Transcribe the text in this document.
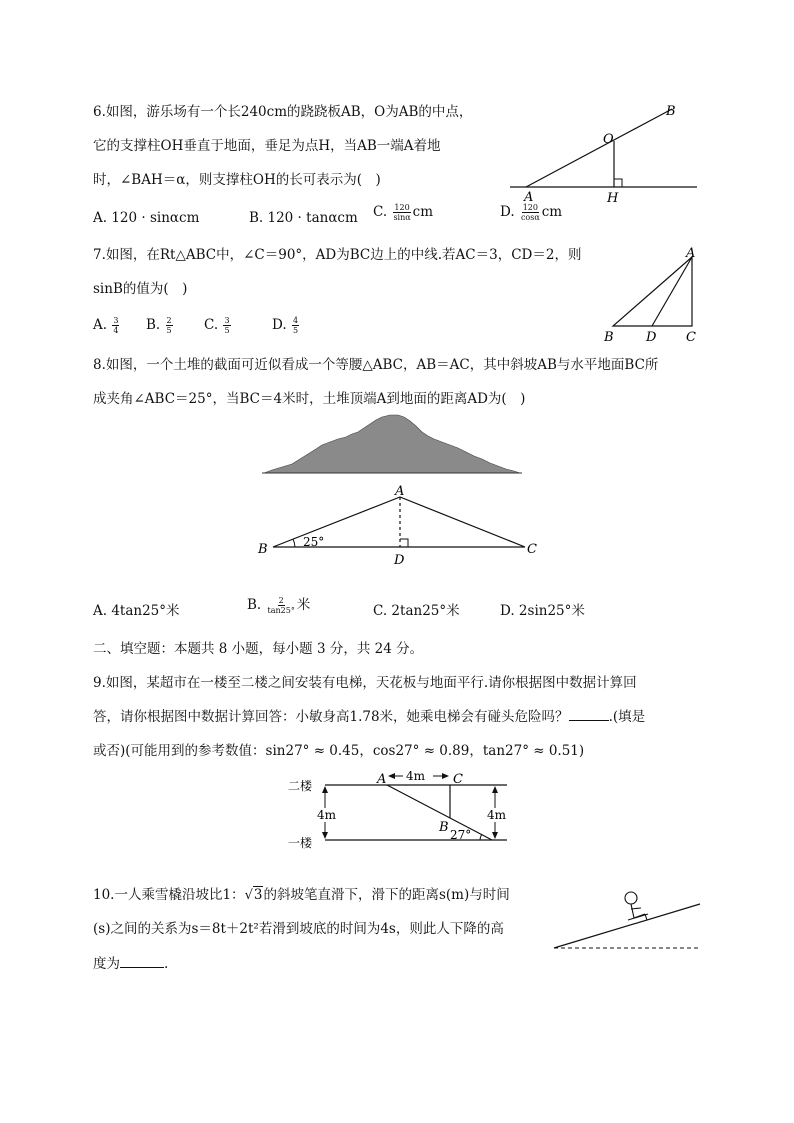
6.如图，游乐场有一个长240cm的跷跷板AB，O为AB的中点，
它的支撑柱OH垂直于地面，垂足为点H，当AB一端A着地
时，∠BAH＝α，则支撑柱OH的长可表示为(　)
A. 120 · sinαcm	B. 120 · tanαcm C. $\frac{120}{\sin\alpha}$ cm	D. $\frac{120}{\cos\alpha}$ cm
B
O
A	H
7.如图，在Rt△ABC中，∠C＝90°，AD为BC边上的中线.若AC＝3，CD＝2，则
sinB的值为(　)
A. $\frac{3}{4} B$. $\frac{2}{5} C$. $\frac{3}{5}$	D. $\frac{4}{5}$
A
B D C
8.如图，一个土堆的截面可近似看成一个等腰△ABC，AB＝AC，其中斜坡AB与水平地面BC所
成夹角∠ABC＝25°，当BC＝4米时，土堆顶端A到地面的距离AD为(　)
A
B	C
D
25°
A. 4tan25°米	B. $\frac{2}{\tan 25^\circ}$ 米	C. 2tan25°米	D. 2sin25°米
二、填空题：本题共 8 小题，每小题 3 分，共 24 分。
9.如图，某超市在一楼至二楼之间安装有电梯，天花板与地面平行.请你根据图中数据计算回
答，请你根据图中数据计算回答：小敏身高1.78米，她乘电梯会有碰头危险吗？	.(填是
或否)(可能用到的参考数值：sin27° ≈ 0.45，cos27° ≈ 0.89，tan27° ≈ 0.51)
4m
二楼
一楼
4m	4m
A	C
B 27°
10.一人乘雪橇沿坡比1：√3的斜坡笔直滑下，滑下的距离s(m)与时间
(s)之间的关系为s＝8t＋2t²若滑到坡底的时间为4s，则此人下降的高
度为	.
